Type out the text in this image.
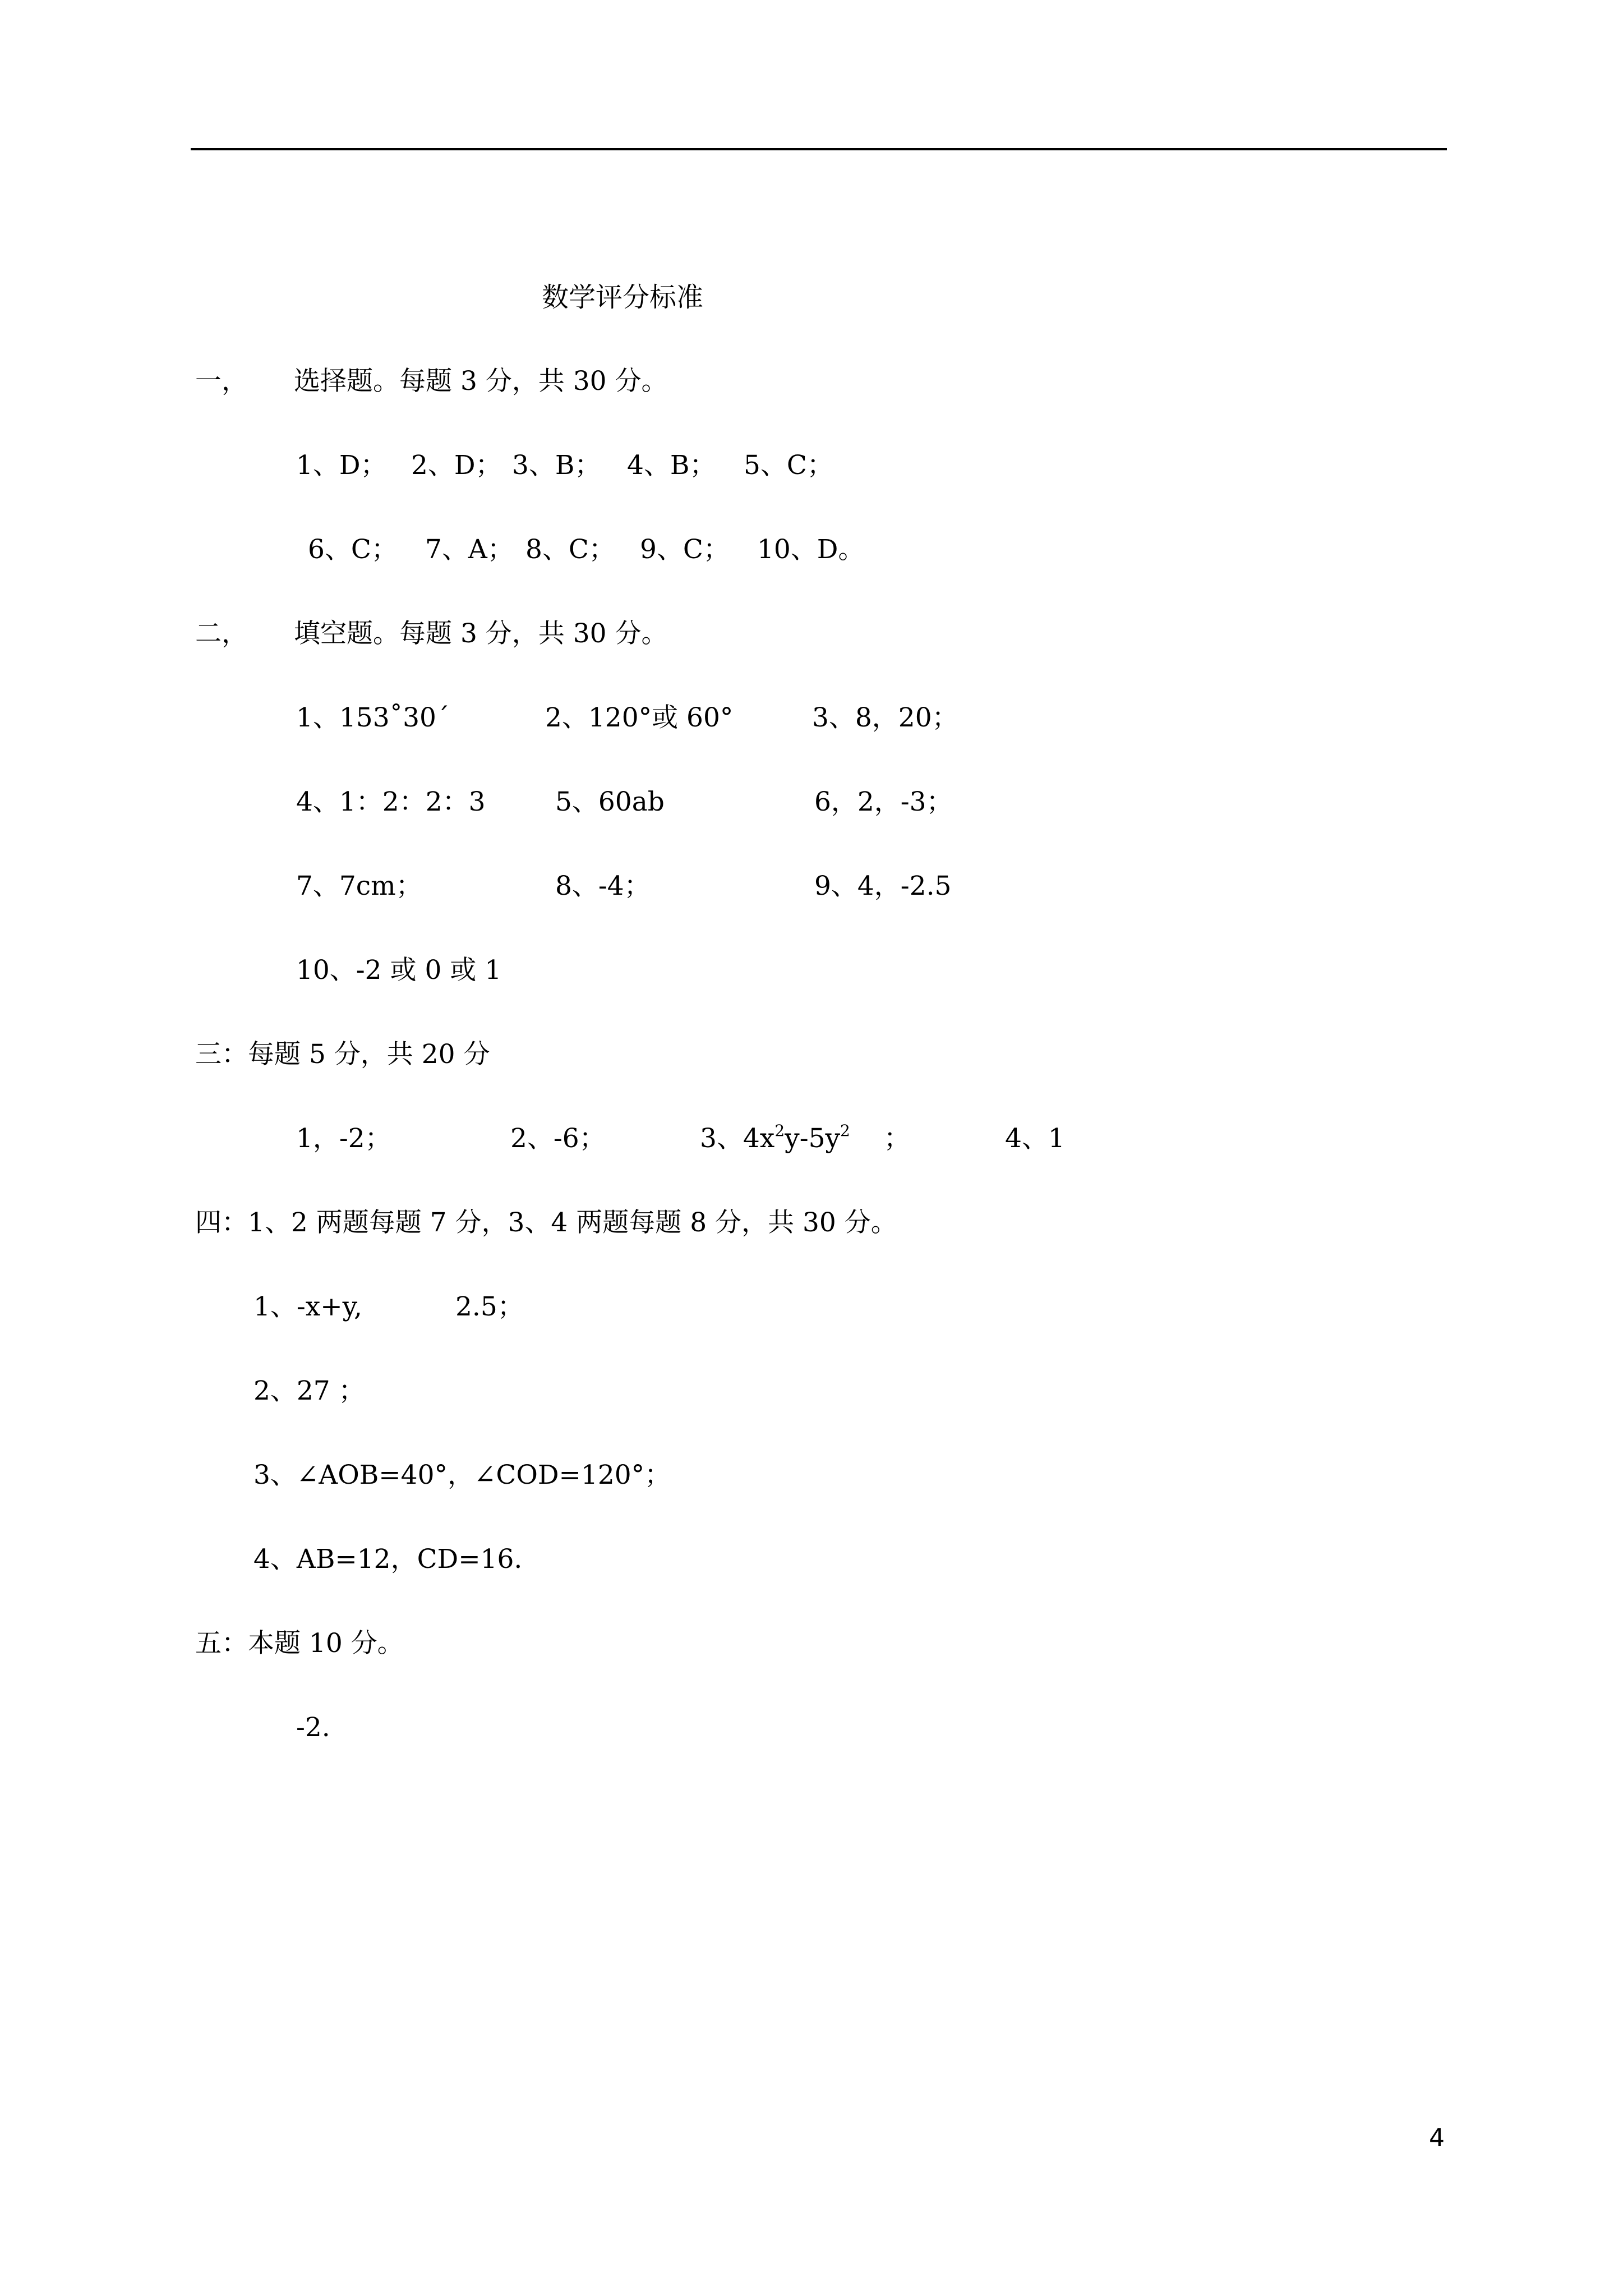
数学评分标准
一， 选择题。每题 3 分，共 30 分。
1、D； 2、D； 3、B； 4、B； 5、C；
6、C； 7、A； 8、C； 9、C； 10、D。
二， 填空题。每题 3 分，共 30 分。
1、153˚30´	2、120°或 60°	3、8，20；
4、1：2：2：3	5、60ab	6，2，-3；
7、7cm；	8、-4；	9、4，-2.5
10、-2 或 0 或 1
三：每题 5 分，共 20 分
1，-2；	2、-6；	3、$4x^2y-5y^2$ ；	4、1
四：1、2 两题每题 7 分，3、4 两题每题 8 分，共 30 分。
1、-x+y,	2.5；
2、27 ；
3、∠AOB=40°，∠COD=120°；
4、AB=12，CD=16.
五：本题 10 分。
-2.
4
